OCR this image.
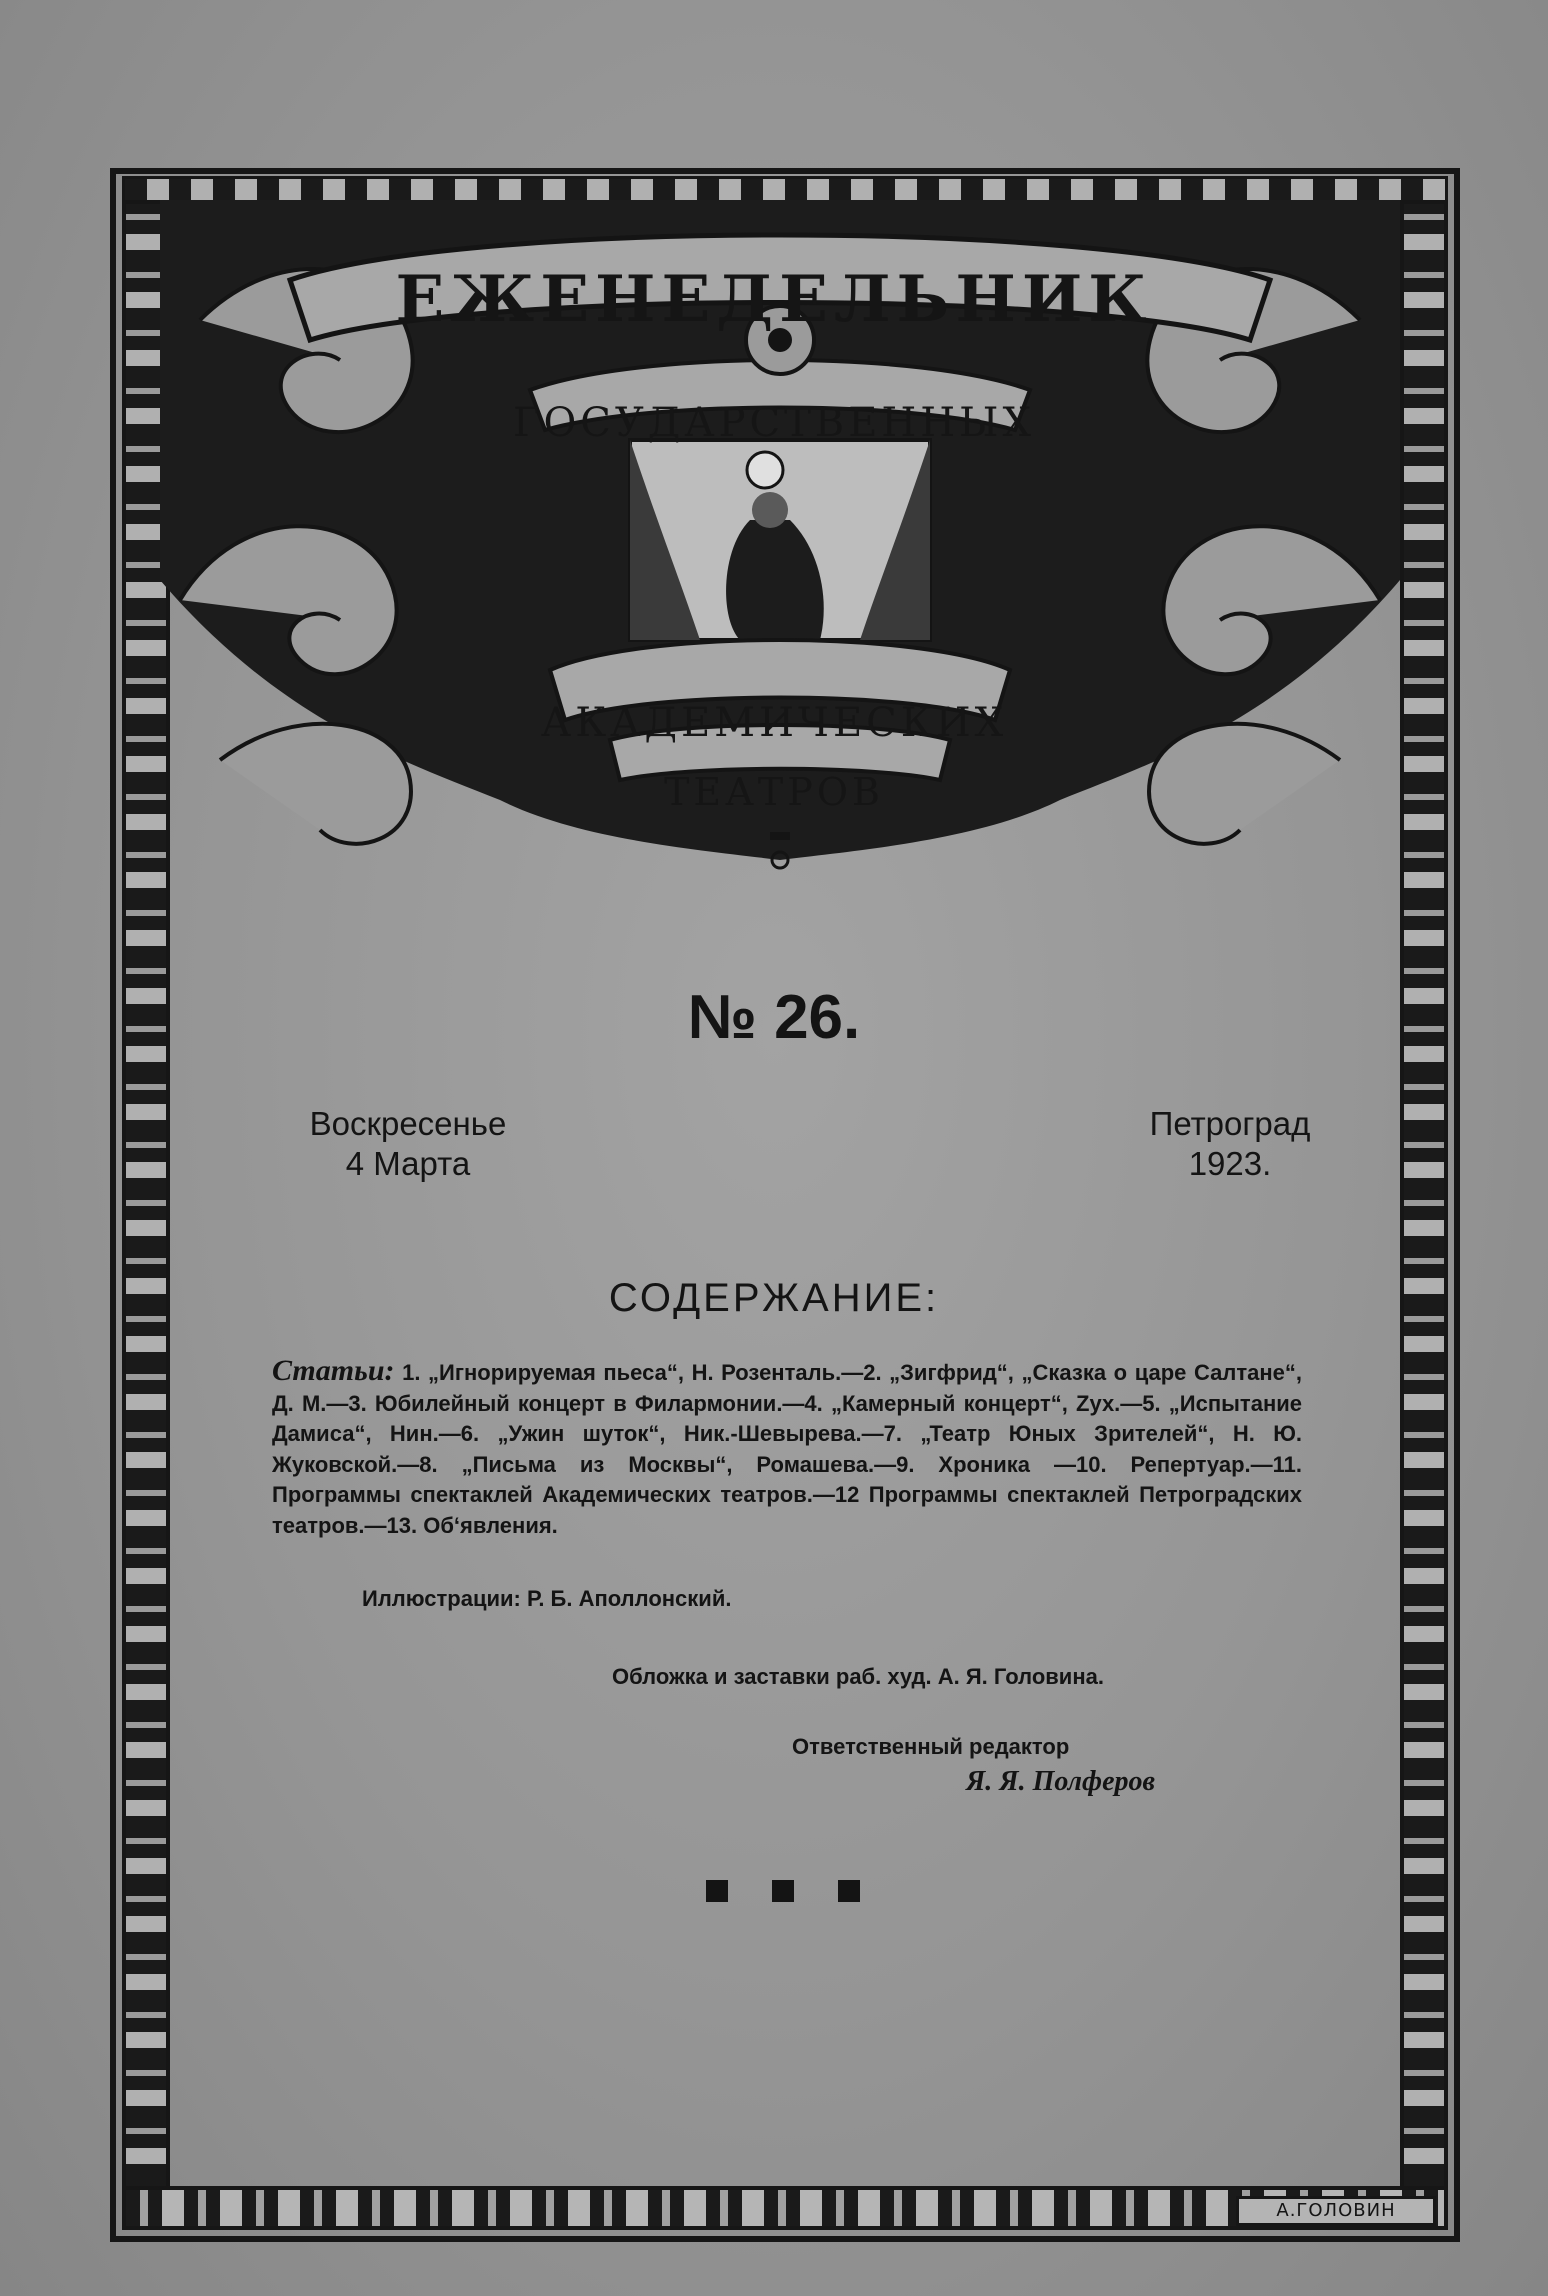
ЕЖЕНЕДЕЛЬНИК
ГОСУДАРСТВЕННЫХ
АКАДЕМИЧЕСКИХ
ТЕАТРОВ
№ 26.
Воскресенье
4 Марта
Петроград
1923.
СОДЕРЖАНИЕ:
Статьи: 1. „Игнорируемая пьеса“, Н. Розенталь.—2. „Зигфрид“, „Сказка о царе Салтане“, Д. М.—3. Юбилейный концерт в Филармонии.—4. „Камерный концерт“, Zух.—5. „Испытание Дамиса“, Нин.—6. „Ужин шуток“, Ник.-Шевырева.—7. „Театр Юных Зрителей“, Н. Ю. Жуковской.—8. „Письма из Москвы“, Ромашева.—9. Хроника —10. Репертуар.—11. Программы спектаклей Академических театров.—12 Программы спектаклей Петроградских театров.—13. Об‘явления.
Иллюстрации: Р. Б. Аполлонский.
Обложка и заставки раб. худ. А. Я. Головина.
Ответственный редактор
Я. Я. Полферов
А.ГОЛОВИН
